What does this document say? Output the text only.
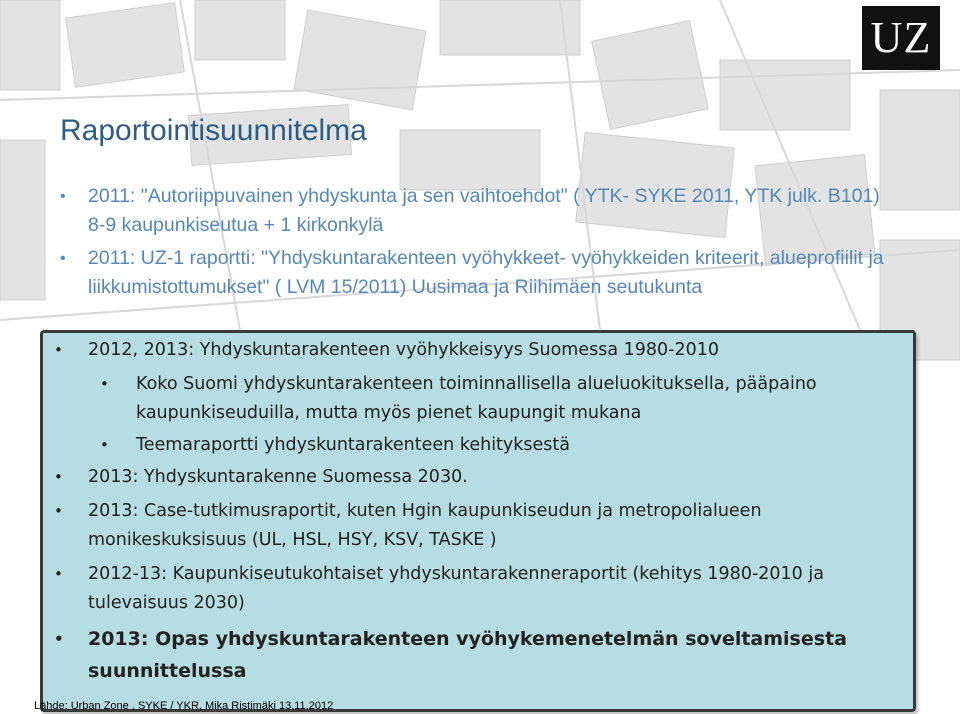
UZ
Raportointisuunnitelma
• 2011: "Autoriippuvainen yhdyskunta ja sen vaihtoehdot" ( YTK- SYKE 2011, YTK julk. B101) 8-9 kaupunkiseutua + 1 kirkonkylä
• 2011: UZ-1 raportti: "Yhdyskuntarakenteen vyöhykkeet- vyöhykkeiden kriteerit, alueprofiilit ja liikkumistottumukset" ( LVM 15/2011) Uusimaa ja Riihimäen seutukunta
• 2012, 2013: Yhdyskuntarakenteen vyöhykkeisyys Suomessa 1980-2010
• Koko Suomi yhdyskuntarakenteen toiminnallisella alueluokituksella, pääpaino kaupunkiseuduilla, mutta myös pienet kaupungit mukana
• Teemaraportti yhdyskuntarakenteen kehityksestä
• 2013: Yhdyskuntarakenne Suomessa 2030.
• 2013: Case-tutkimusraportit, kuten Hgin kaupunkiseudun ja metropolialueen monikeskuksisuus (UL, HSL, HSY, KSV, TASKE )
• 2012-13: Kaupunkiseutukohtaiset yhdyskuntarakenneraportit (kehitys 1980-2010 ja tulevaisuus 2030)
• 2013: Opas yhdyskuntarakenteen vyöhykemenetelmän soveltamisesta suunnittelussa
Lähde: Urban Zone , SYKE / YKR, Mika Ristimäki 13.11.2012
